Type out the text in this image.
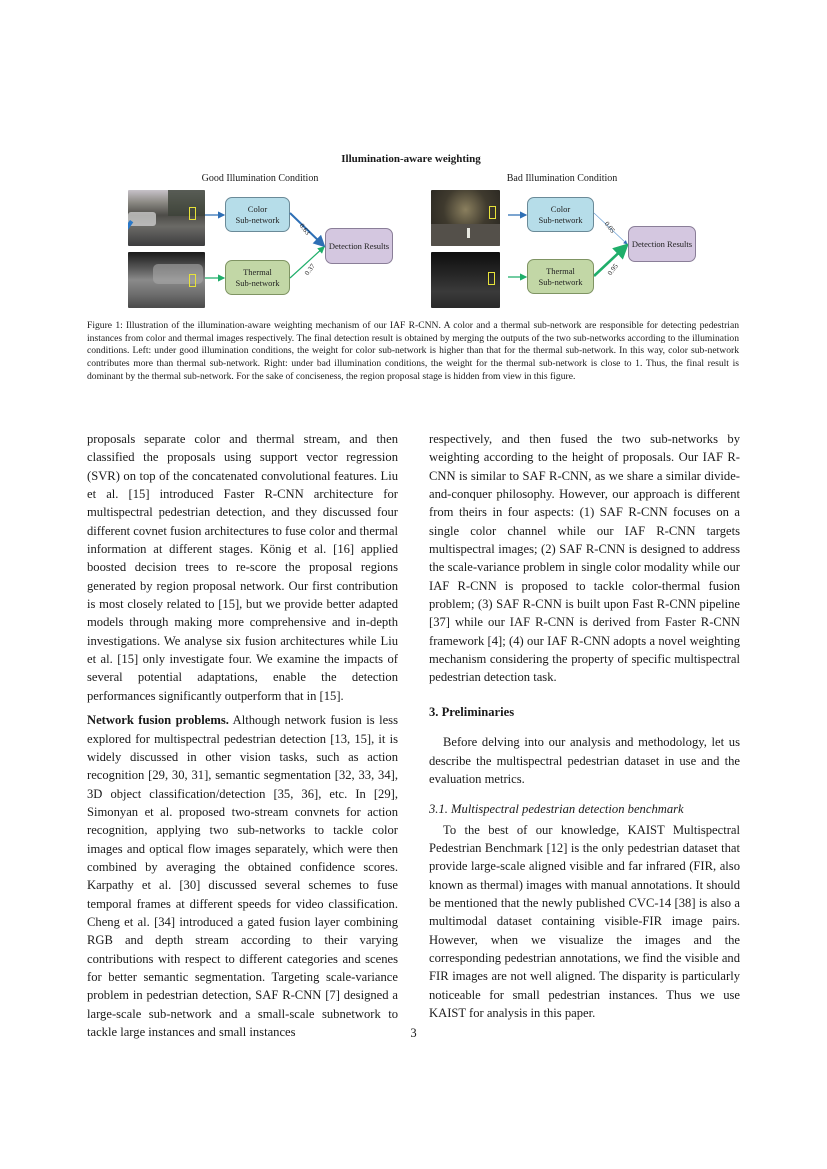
Illumination-aware weighting
Good Illumination Condition
Color
Sub-network
Thermal
Sub-network
Detection Results
0.63
0.37
Bad Illumination Condition
Color
Sub-network
Thermal
Sub-network
Detection Results
0.05
0.95
Figure 1: Illustration of the illumination-aware weighting mechanism of our IAF R-CNN. A color and a thermal sub-network are responsible for detecting pedestrian instances from color and thermal images respectively. The final detection result is obtained by merging the outputs of the two sub-networks according to the illumination conditions. Left: under good illumination conditions, the weight for color sub-network is higher than that for the thermal sub-network. In this way, color sub-network contributes more than thermal sub-network. Right: under bad illumination conditions, the weight for the thermal sub-network is close to 1. Thus, the final result is dominant by the thermal sub-network. For the sake of conciseness, the region proposal stage is hidden from view in this figure.

proposals separate color and thermal stream, and then classified the proposals using support vector regression (SVR) on top of the concatenated convolutional features. Liu et al. [15] introduced Faster R-CNN architecture for multispectral pedestrian detection, and they discussed four different covnet fusion architectures to fuse color and thermal information at different stages. König et al. [16] applied boosted decision trees to re-score the proposal regions generated by region proposal network. Our first contribution is most closely related to [15], but we provide better adapted models through making more comprehensive and in-depth investigations. We analyse six fusion architectures while Liu et al. [15] only investigate four. We examine the impacts of several potential adaptations, enable the detection performances significantly outperform that in [15].

Network fusion problems. Although network fusion is less explored for multispectral pedestrian detection [13, 15], it is widely discussed in other vision tasks, such as action recognition [29, 30, 31], semantic segmentation [32, 33, 34], 3D object classification/detection [35, 36], etc. In [29], Simonyan et al. proposed two-stream convnets for action recognition, applying two sub-networks to tackle color images and optical flow images separately, which were then combined by averaging the obtained confidence scores. Karpathy et al. [30] discussed several schemes to fuse temporal frames at different speeds for video classification. Cheng et al. [34] introduced a gated fusion layer combining RGB and depth stream according to their varying contributions with respect to different categories and scenes for better semantic segmentation. Targeting scale-variance problem in pedestrian detection, SAF R-CNN [7] designed a large-scale sub-network and a small-scale subnetwork to tackle large instances and small instances

respectively, and then fused the two sub-networks by weighting according to the height of proposals. Our IAF R-CNN is similar to SAF R-CNN, as we share a similar divide-and-conquer philosophy. However, our approach is different from theirs in four aspects: (1) SAF R-CNN focuses on a single color channel while our IAF R-CNN targets multispectral images; (2) SAF R-CNN is designed to address the scale-variance problem in single color modality while our IAF R-CNN is proposed to tackle color-thermal fusion problem; (3) SAF R-CNN is built upon Fast R-CNN pipeline [37] while our IAF R-CNN is derived from Faster R-CNN framework [4]; (4) our IAF R-CNN adopts a novel weighting mechanism considering the property of specific multispectral pedestrian detection task.

3. Preliminaries

Before delving into our analysis and methodology, let us describe the multispectral pedestrian dataset in use and the evaluation metrics.

3.1. Multispectral pedestrian detection benchmark

To the best of our knowledge, KAIST Multispectral Pedestrian Benchmark [12] is the only pedestrian dataset that provide large-scale aligned visible and far infrared (FIR, also known as thermal) images with manual annotations. It should be mentioned that the newly published CVC-14 [38] is also a multimodal dataset containing visible-FIR image pairs. However, when we visualize the images and the corresponding pedestrian annotations, we find the visible and FIR images are not well aligned. The disparity is particularly noticeable for small pedestrian instances. Thus we use KAIST for analysis in this paper.

3
